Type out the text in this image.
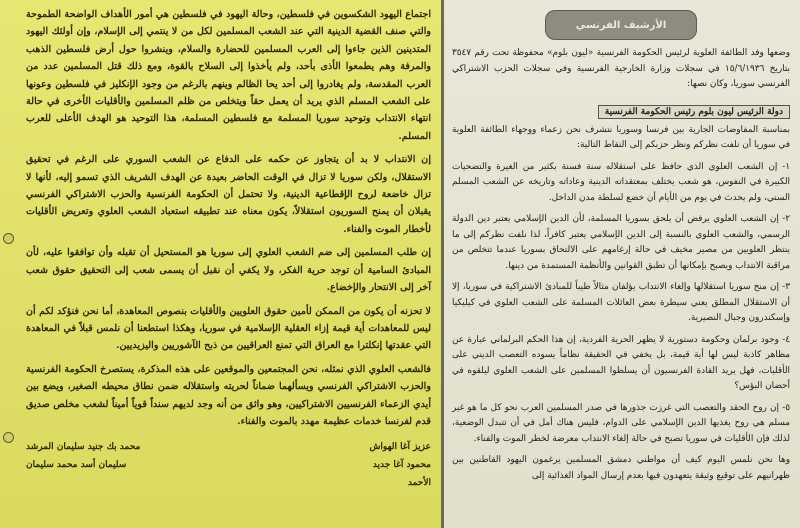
اجتماع اليهود الشكسوين في فلسطين، وحالة اليهود في فلسطين هي أمور الأهداف الواضحة الطموحة والتي صنف القضية الدينية التي عند الشعب المسلمين لكل من لا ينتمي إلى الإسلام، وإن أولئك اليهود المتدينين الذين جاءوا إلى العرب المسلمين للحضارة والسلام، وينشروا حول أرض فلسطين الذهب والمرفة وهم يطمعوا الأذى بأحد، ولم يأخذوا إلى السلاح بالقوة، ومع ذلك قتل المسلمين عدد من العرب المقدسة، ولم يغادروا إلى أحد يحا الظالم وينهم بالرغم من وجود الإنكليز في فلسطين وعونها على الشعب المسلم الذي يريد أن يعمل حقاً ويتخلص من ظلم المسلمين والأقليات الأخرى في حالة انتهاء الانتداب وتوحيد سوريا المسلمة مع فلسطين المسلمة، هذا التوحيد هو الهدف الأعلى للعرب المسلم.

إن الانتداب لا بد أن يتجاوز عن حكمه على الدفاع عن الشعب السوري على الرغم في تحقيق الاستقلال، ولكن سوريا لا تزال في الوقت الحاضر بعيدة عن الهدف الشريف الذي تسمو إليه، لأنها لا تزال خاضعة لروح الإقطاعية الدينية، ولا تحتمل أن الحكومة الفرنسية والحزب الاشتراكي الفرنسي يقبلان أن يمنح السوريون استقلالاً، يكون معناه عند تطبيقه استعباد الشعب العلوي وتعريض الأقليات لأخطار الموت والفناء.

إن طلب المسلمين إلى ضم الشعب العلوي إلى سوريا هو المستحيل أن تقبله وأن توافقوا عليه، لأن المبادئ السامية أن توجد حرية الفكر، ولا يكفي أن نقبل أن يسمى شعب إلى التحقيق حقوق شعب آخر إلى الانتحار والإخضاع.

لا تحزنه أن يكون من الممكن لأمين حقوق العلويين والأقليات بنصوص المعاهدة، أما نحن فنؤكد لكم أن ليس للمعاهدات أية قيمة إزاء العقلية الإسلامية في سوريا، وهكذا استطعنا أن نلمس قبلاً في المعاهدة التي عقدتها إنكلترا مع العراق التي تمنع العراقيين من ذبح الآشوريين واليزيديين.

فالشعب العلوي الذي نمثله، نحن المجتمعين والموقعين على هذه المذكرة، يستصرخ الحكومة الفرنسية والحزب الاشتراكي الفرنسي ويسألهما ضماناً لحريته واستقلاله ضمن نطاق محيطه الصغير، ويضع بين أيدي الزعماء الفرنسيين الاشتراكيين، وهو واثق من أنه وجد لديهم سنداً قوياً أميناً لشعب مخلص صديق قدم لفرنسا خدمات عظيمة مهدد بالموت والفناء.

عزيز آغا الهواش
محمد بك جنيد سليمان المرشد
محمود آغا جديد
سليمان أسد محمد سليمان
الأحمد
الأرشيف الفرنسي

وضعها وفد الطائفة العلوية لرئيس الحكومة الفرنسية «ليون بلوم» محفوظة تحت رقم ٣٥٤٧ بتاريخ ١٥/٦/١٩٣٦ في سجلات وزارة الخارجية الفرنسية وفي سجلات الحزب الاشتراكي الفرنسي سوريا، وكان نصها:

دولة الرئيس ليون بلوم رئيس الحكومة الفرنسية

بمناسبة المفاوضات الجارية بين فرنسا وسوريا نتشرف نحن زعماء ووجهاء الطائفة العلوية في سوريا أن نلفت نظركم ونظر حزبكم إلى النقاط التالية:

١- إن الشعب العلوي الذي حافظ على استقلاله سنة فسنة بكثير من الغيرة والتضحيات الكبيرة في النفوس، هو شعب يختلف بمعتقداته الدينية وعاداته وتاريخه عن الشعب المسلم السني، ولم يحدث في يوم من الأيام أن خضع لسلطة مدن الداخل.

٢- إن الشعب العلوي يرفض أن يلحق بسوريا المسلمة، لأن الدين الإسلامي يعتبر دين الدولة الرسمي، والشعب العلوي بالنسبة إلى الدين الإسلامي يعتبر كافراً، لذا نلفت نظركم إلى ما ينتظر العلويين من مصير مخيف في حالة إرغامهم على الالتحاق بسوريا عندما تتخلص من مراقبة الانتداب ويصبح بإمكانها أن تطبق القوانين والأنظمة المستمدة من دينها.

٣- إن منح سوريا استقلالها وإلغاء الانتداب يؤلفان مثالاً طيباً للمبادئ الاشتراكية في سوريا، إلا أن الاستقلال المطلق يعني سيطرة بعض العائلات المسلمة على الشعب العلوي في كيليكيا وإسكندرون وجبال النصيرية.

٤- وجود برلمان وحكومة دستورية لا يظهر الحرية الفردية، إن هذا الحكم البرلماني عبارة عن مظاهر كاذبة ليس لها أية قيمة، بل يخفي في الحقيقة نظاماً يسوده التعصب الديني على الأقليات، فهل يريد القادة الفرنسيون أن يسلطوا المسلمين على الشعب العلوي ليلقوه في أحضان البؤس؟

٥- إن روح الحقد والتعصب التي غرزت جذورها في صدر المسلمين العرب نحو كل ما هو غير مسلم هي روح يغذيها الدين الإسلامي على الدوام، فليس هناك أمل في أن تتبدل الوضعية، لذلك فإن الأقليات في سوريا تصبح في حالة إلغاء الانتداب معرضة لخطر الموت والفناء.

وها نحن نلمس اليوم كيف أن مواطني دمشق المسلمين يرغمون اليهود القاطنين بين ظهرانيهم على توقيع وثيقة يتعهدون فيها بعدم إرسال المواد الغذائية إلى
